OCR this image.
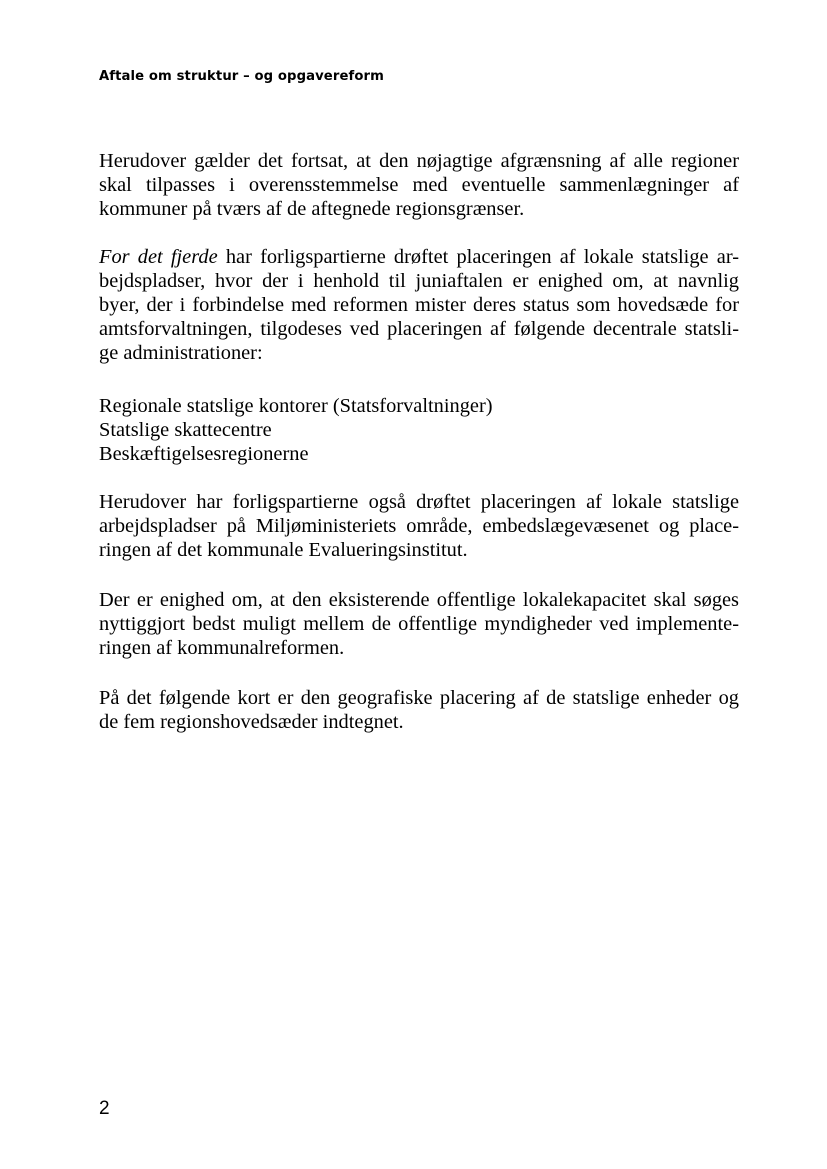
Aftale om struktur – og opgavereform
Herudover gælder det fortsat, at den nøjagtige afgrænsning af alle regioner
skal tilpasses i overensstemmelse med eventuelle sammenlægninger af
kommuner på tværs af de aftegnede regionsgrænser.
For det fjerde har forligspartierne drøftet placeringen af lokale statslige ar-
bejdspladser, hvor der i henhold til juniaftalen er enighed om, at navnlig
byer, der i forbindelse med reformen mister deres status som hovedsæde for
amtsforvaltningen, tilgodeses ved placeringen af følgende decentrale statsli-
ge administrationer:
Regionale statslige kontorer (Statsforvaltninger)
Statslige skattecentre
Beskæftigelsesregionerne
Herudover har forligspartierne også drøftet placeringen af lokale statslige
arbejdspladser på Miljøministeriets område, embedslægevæsenet og place-
ringen af det kommunale Evalueringsinstitut.
Der er enighed om, at den eksisterende offentlige lokalekapacitet skal søges
nyttiggjort bedst muligt mellem de offentlige myndigheder ved implemente-
ringen af kommunalreformen.
På det følgende kort er den geografiske placering af de statslige enheder og
de fem regionshovedsæder indtegnet.
2
